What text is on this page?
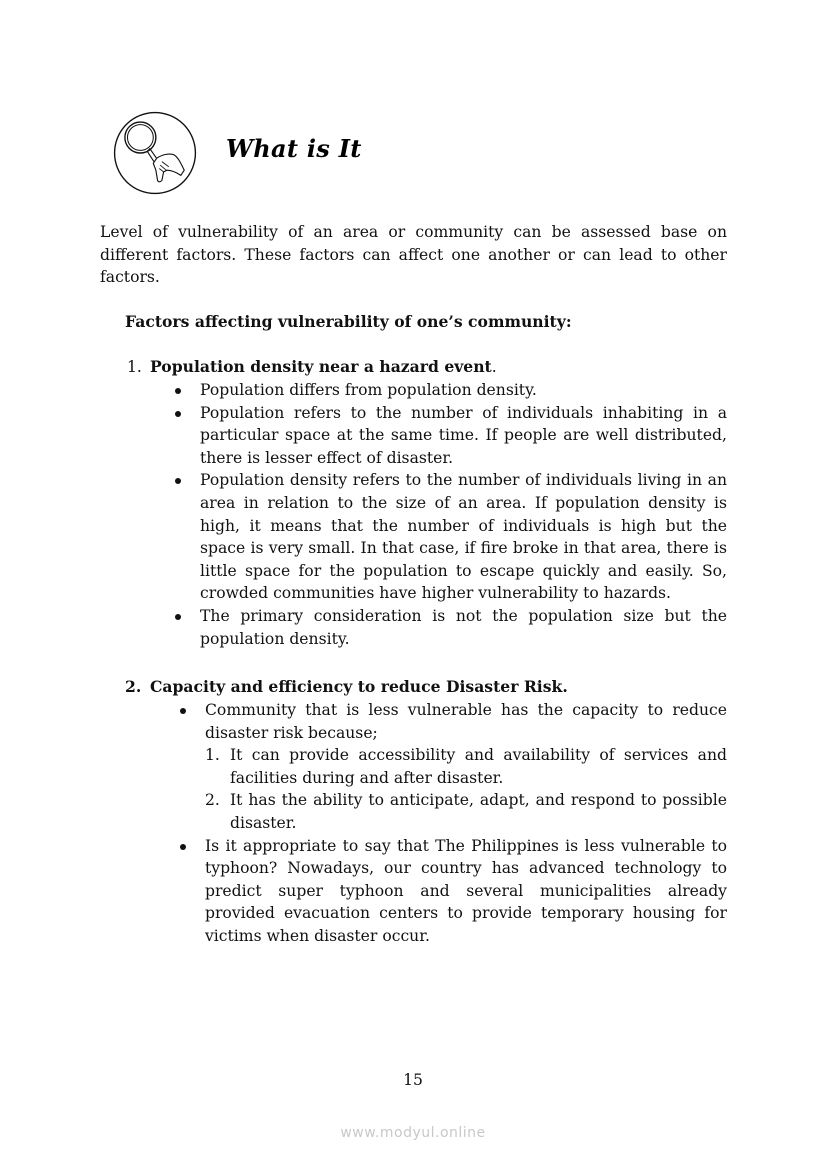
What is It

Level of vulnerability of an area or community can be assessed base on different factors. These factors can affect one another or can lead to other factors.

Factors affecting vulnerability of one’s community:

1. Population density near a hazard event.

Population differs from population density.
Population refers to the number of individuals inhabiting in a particular space at the same time. If people are well distributed, there is lesser effect of disaster.
Population density refers to the number of individuals living in an area in relation to the size of an area. If population density is high, it means that the number of individuals is high but the space is very small. In that case, if fire broke in that area, there is little space for the population to escape quickly and easily. So, crowded communities have higher vulnerability to hazards.
The primary consideration is not the population size but the population density.

2. Capacity and efficiency to reduce Disaster Risk.

Community that is less vulnerable has the capacity to reduce disaster risk because;
1. It can provide accessibility and availability of services and facilities during and after disaster.
2. It has the ability to anticipate, adapt, and respond to possible disaster.
Is it appropriate to say that The Philippines is less vulnerable to typhoon? Nowadays, our country has advanced technology to predict super typhoon and several municipalities already provided evacuation centers to provide temporary housing for victims when disaster occur.
15
www.modyul.online
